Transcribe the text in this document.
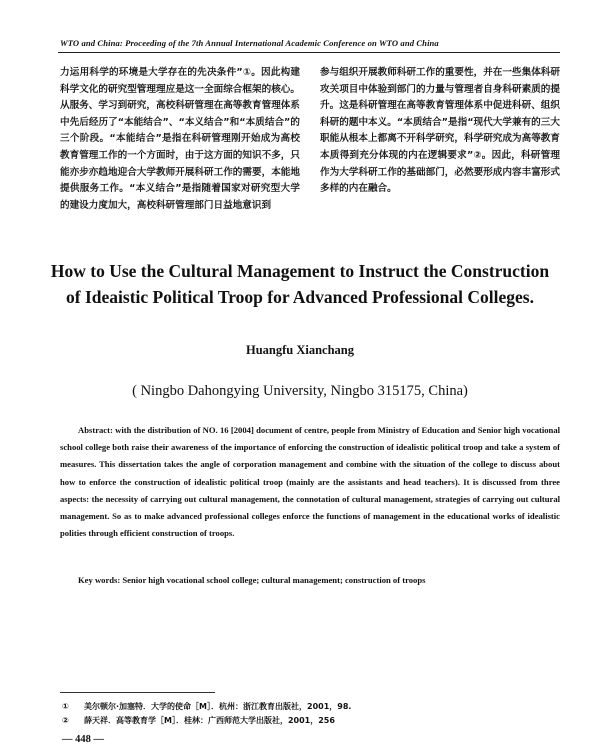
WTO and China: Proceeding of the 7th Annual International Academic Conference on WTO and China

力运用科学的环境是大学存在的先决条件”①。因此构建科学文化的研究型管理理应是这一全面综合框架的核心。从服务、学习到研究，高校科研管理在高等教育管理体系中先后经历了“本能结合”、“本义结合”和“本质结合”的三个阶段。“本能结合”是指在科研管理刚开始成为高校教育管理工作的一个方面时，由于这方面的知识不多，只能亦步亦趋地迎合大学教师开展科研工作的需要，本能地提供服务工作。“本义结合”是指随着国家对研究型大学的建设力度加大，高校科研管理部门日益地意识到

参与组织开展教师科研工作的重要性，并在一些集体科研攻关项目中体验到部门的力量与管理者自身科研素质的提升。这是科研管理在高等教育管理体系中促进科研、组织科研的题中本义。“本质结合”是指“现代大学兼有的三大职能从根本上都离不开科学研究，科学研究成为高等教育本质得到充分体现的内在逻辑要求”②。因此，科研管理作为大学科研工作的基础部门，必然要形成内容丰富形式多样的内在融合。

How to Use the Cultural Management to Instruct the Construction
of Ideaistic Political Troop for Advanced Professional Colleges.
Huangfu Xianchang
( Ningbo Dahongying University, Ningbo 315175, China)
Abstract: with the distribution of NO. 16 [2004] document of centre, people from Ministry of Education and Senior high vocational school college both raise their awareness of the importance of enforcing the construction of idealistic political troop and take a system of measures. This dissertation takes the angle of corporation management and combine with the situation of the college to discuss about how to enforce the construction of idealistic political troop (mainly are the assistants and head teachers). It is discussed from three aspects: the necessity of carrying out cultural management, the connotation of cultural management, strategies of carrying out cultural management. So as to make advanced professional colleges enforce the functions of management in the educational works of idealistic polities through efficient construction of troops.
Key words: Senior high vocational school college; cultural management; construction of troops
① 美尔顿尔·加塞特．大学的使命［M］．杭州：浙江教育出版社，2001，98.
② 薛天祥．高等教育学［M］．桂林：广西师范大学出版社，2001，256
— 448 —
